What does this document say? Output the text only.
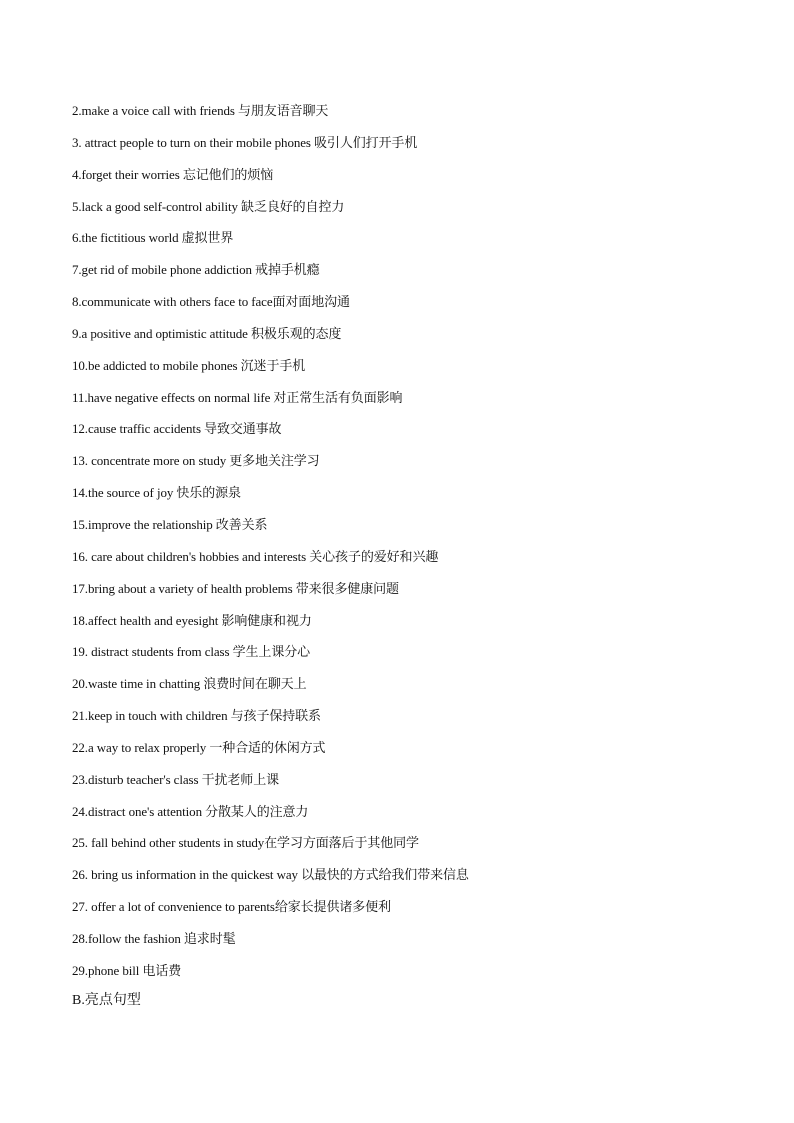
2.make a voice call with friends 与朋友语音聊天
3. attract people to turn on their mobile phones 吸引人们打开手机
4.forget their worries 忘记他们的烦恼
5.lack a good self-control ability 缺乏良好的自控力
6.the fictitious world 虚拟世界
7.get rid of mobile phone addiction 戒掉手机瘾
8.communicate with others face to face面对面地沟通
9.a positive and optimistic attitude 积极乐观的态度
10.be addicted to mobile phones 沉迷于手机
11.have negative effects on normal life 对正常生活有负面影响
12.cause traffic accidents 导致交通事故
13. concentrate more on study 更多地关注学习
14.the source of joy 快乐的源泉
15.improve the relationship 改善关系
16. care about children's hobbies and interests 关心孩子的爱好和兴趣
17.bring about a variety of health problems 带来很多健康问题
18.affect health and eyesight 影响健康和视力
19. distract students from class 学生上课分心
20.waste time in chatting 浪费时间在聊天上
21.keep in touch with children 与孩子保持联系
22.a way to relax properly 一种合适的休闲方式
23.disturb teacher's class 干扰老师上课
24.distract one's attention 分散某人的注意力
25. fall behind other students in study在学习方面落后于其他同学
26. bring us information in the quickest way 以最快的方式给我们带来信息
27. offer a lot of convenience to parents给家长提供诸多便利
28.follow the fashion 追求时髦
29.phone bill 电话费
B.亮点句型
